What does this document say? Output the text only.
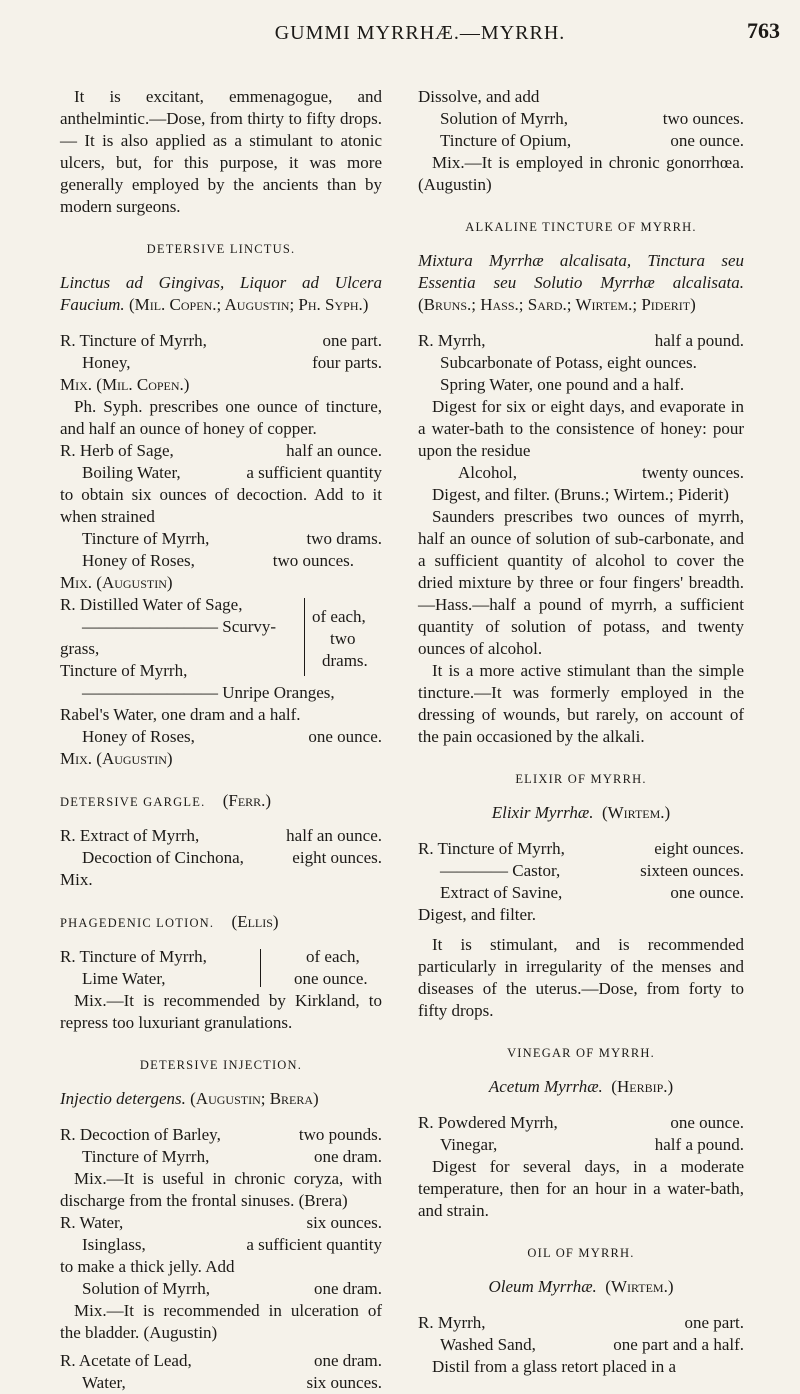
GUMMI MYRRHÆ.—MYRRH.	763

It is excitant, emmenagogue, and anthelmintic.—Dose, from thirty to fifty drops.— It is also applied as a stimulant to atonic ulcers, but, for this purpose, it was more generally employed by the ancients than by modern surgeons.

DETERSIVE LINCTUS.

Linctus ad Gingivas, Liquor ad Ulcera Faucium. (Mil. Copen.; Augustin; Ph. Syph.)

R. Tincture of Myrrh,	one part.
Honey,	four parts.

Mix. (Mil. Copen.)

Ph. Syph. prescribes one ounce of tincture, and half an ounce of honey of copper.

R. Herb of Sage,	half an ounce.
Boiling Water,	a sufficient quantity

to obtain six ounces of decoction. Add to it when strained

Tincture of Myrrh,	two drams.
Honey of Roses,	two ounces.

Mix. (Augustin)

R. Distilled Water of Sage,
———————— Scurvy-
grass,
Tincture of Myrrh,
of each,
two
drams.
———————— Unripe Oranges,

Rabel's Water, one dram and a half.

Honey of Roses,	one ounce.

Mix. (Augustin)

DETERSIVE GARGLE. (Ferr.)
R. Extract of Myrrh,	half an ounce.
Decoction of Cinchona,	eight ounces.

Mix.

PHAGEDENIC LOTION. (Ellis)
R. Tincture of Myrrh,
Lime Water,
of each,
one ounce.

Mix.—It is recommended by Kirkland, to repress too luxuriant granulations.

DETERSIVE INJECTION.

Injectio detergens. (Augustin; Brera)

R. Decoction of Barley,	two pounds.
Tincture of Myrrh,	one dram.

Mix.—It is useful in chronic coryza, with discharge from the frontal sinuses. (Brera)

R. Water,	six ounces.
Isinglass,	a sufficient quantity

to make a thick jelly. Add

Solution of Myrrh,	one dram.

Mix.—It is recommended in ulceration of the bladder. (Augustin)

R. Acetate of Lead,	one dram.
Water,	six ounces.

Dissolve, and add

Solution of Myrrh,	two ounces.
Tincture of Opium,	one ounce.

Mix.—It is employed in chronic gonorrhœa. (Augustin)

ALKALINE TINCTURE OF MYRRH.

Mixtura Myrrhæ alcalisata, Tinctura seu Essentia seu Solutio Myrrhæ alcalisata. (Bruns.; Hass.; Sard.; Wirtem.; Piderit)

R. Myrrh,	half a pound.

Subcarbonate of Potass, eight ounces.

Spring Water, one pound and a half.

Digest for six or eight days, and evaporate in a water-bath to the consistence of honey: pour upon the residue

Alcohol,	twenty ounces.

Digest, and filter. (Bruns.; Wirtem.; Piderit)

Saunders prescribes two ounces of myrrh, half an ounce of solution of sub-carbonate, and a sufficient quantity of alcohol to cover the dried mixture by three or four fingers' breadth.—Hass.—half a pound of myrrh, a sufficient quantity of solution of potass, and twenty ounces of alcohol.

It is a more active stimulant than the simple tincture.—It was formerly employed in the dressing of wounds, but rarely, on account of the pain occasioned by the alkali.

ELIXIR OF MYRRH.

Elixir Myrrhæ. (Wirtem.)

R. Tincture of Myrrh,	eight ounces.
———— Castor,	sixteen ounces.
Extract of Savine,	one ounce.

Digest, and filter.

It is stimulant, and is recommended particularly in irregularity of the menses and diseases of the uterus.—Dose, from forty to fifty drops.

VINEGAR OF MYRRH.

Acetum Myrrhæ. (Herbip.)

R. Powdered Myrrh,	one ounce.
Vinegar,	half a pound.

Digest for several days, in a moderate temperature, then for an hour in a water-bath, and strain.

OIL OF MYRRH.

Oleum Myrrhæ. (Wirtem.)

R. Myrrh,	one part.
Washed Sand,	one part and a half.

Distil from a glass retort placed in a
